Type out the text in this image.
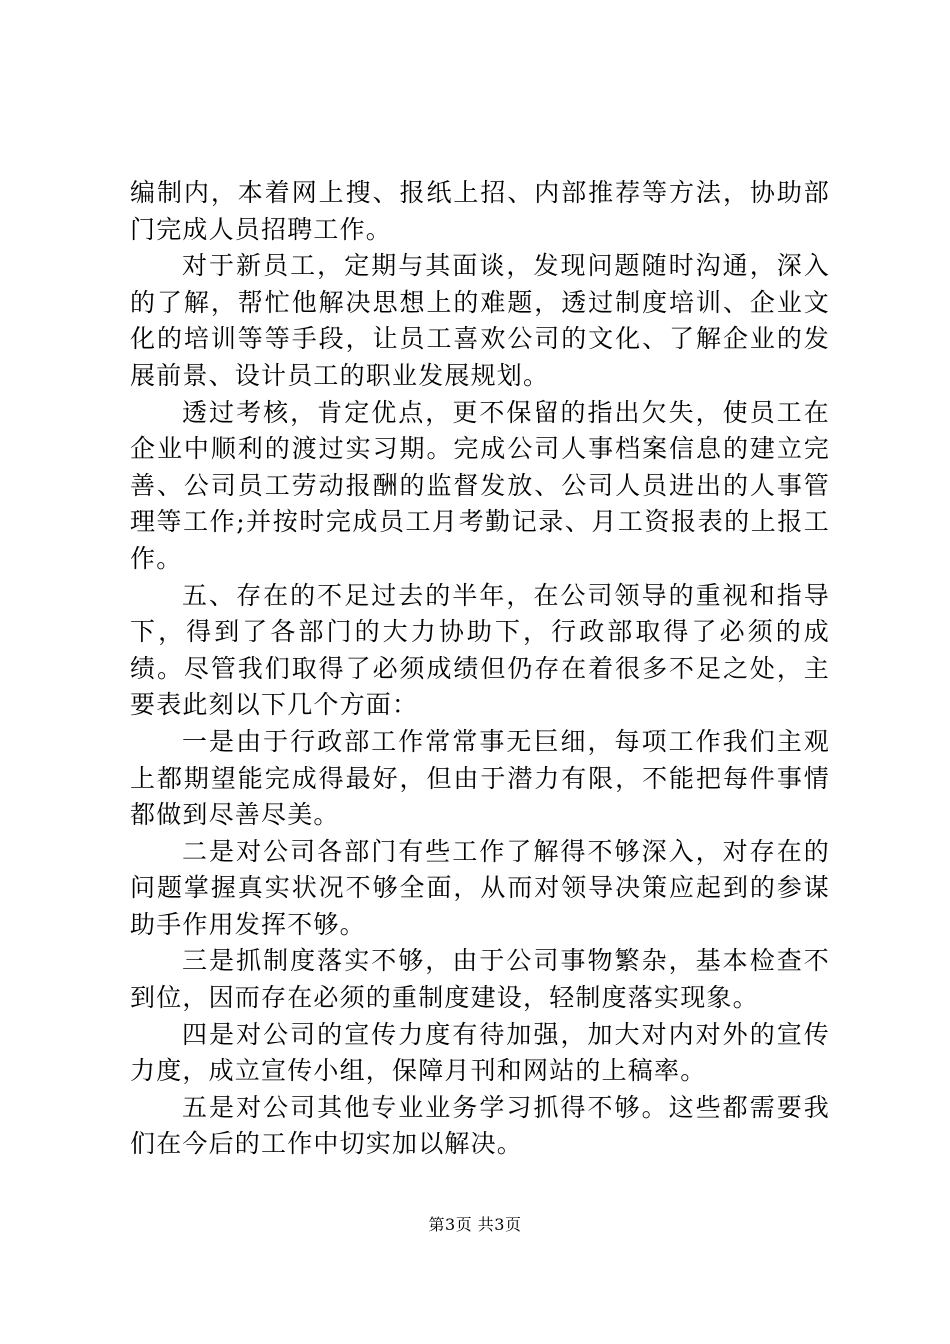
编制内，本着网上搜、报纸上招、内部推荐等方法，协助部门完成人员招聘工作。

对于新员工，定期与其面谈，发现问题随时沟通，深入的了解，帮忙他解决思想上的难题，透过制度培训、企业文化的培训等等手段，让员工喜欢公司的文化、了解企业的发展前景、设计员工的职业发展规划。

透过考核，肯定优点，更不保留的指出欠失，使员工在企业中顺利的渡过实习期。完成公司人事档案信息的建立完善、公司员工劳动报酬的监督发放、公司人员进出的人事管理等工作;并按时完成员工月考勤记录、月工资报表的上报工作。

五、存在的不足过去的半年，在公司领导的重视和指导下，得到了各部门的大力协助下，行政部取得了必须的成绩。尽管我们取得了必须成绩但仍存在着很多不足之处，主要表此刻以下几个方面：

一是由于行政部工作常常事无巨细，每项工作我们主观上都期望能完成得最好，但由于潜力有限，不能把每件事情都做到尽善尽美。

二是对公司各部门有些工作了解得不够深入，对存在的问题掌握真实状况不够全面，从而对领导决策应起到的参谋助手作用发挥不够。

三是抓制度落实不够，由于公司事物繁杂，基本检查不到位，因而存在必须的重制度建设，轻制度落实现象。

四是对公司的宣传力度有待加强，加大对内对外的宣传力度，成立宣传小组，保障月刊和网站的上稿率。

五是对公司其他专业业务学习抓得不够。这些都需要我们在今后的工作中切实加以解决。

第3页 共3页
